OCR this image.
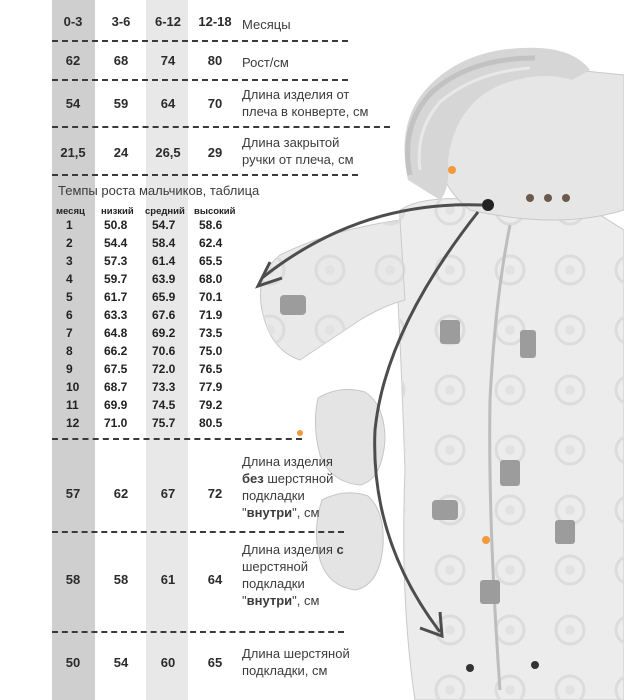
0-3	3-6	6-12	12-18 Месяцы
62	68	74	80	Рост/см
54	59	64	70
Длина изделия от
плеча в конверте, см
21,5	24	26,5	29
Длина закрытой
ручки от плеча, см
Темпы роста мальчиков, таблица
месяц низкий средний высокий
1	50.8 54.7 58.6
2	54.4 58.4 62.4
3	57.3 61.4 65.5
4	59.7 63.9 68.0
5	61.7 65.9 70.1
6	63.3 67.6 71.9
7	64.8 69.2 73.5
8	66.2 70.6 75.0
9	67.5 72.0 76.5
10 68.7 73.3 77.9
11 69.9 74.5 79.2
12 71.0 75.7 80.5
57	62	67	72
Длина изделия
без шерстяной
подкладки
"внутри", см
58	58	61	64
Длина изделия с
шерстяной
подкладки
"внутри", см
50	54	60	65
Длина шерстяной
подкладки, см
